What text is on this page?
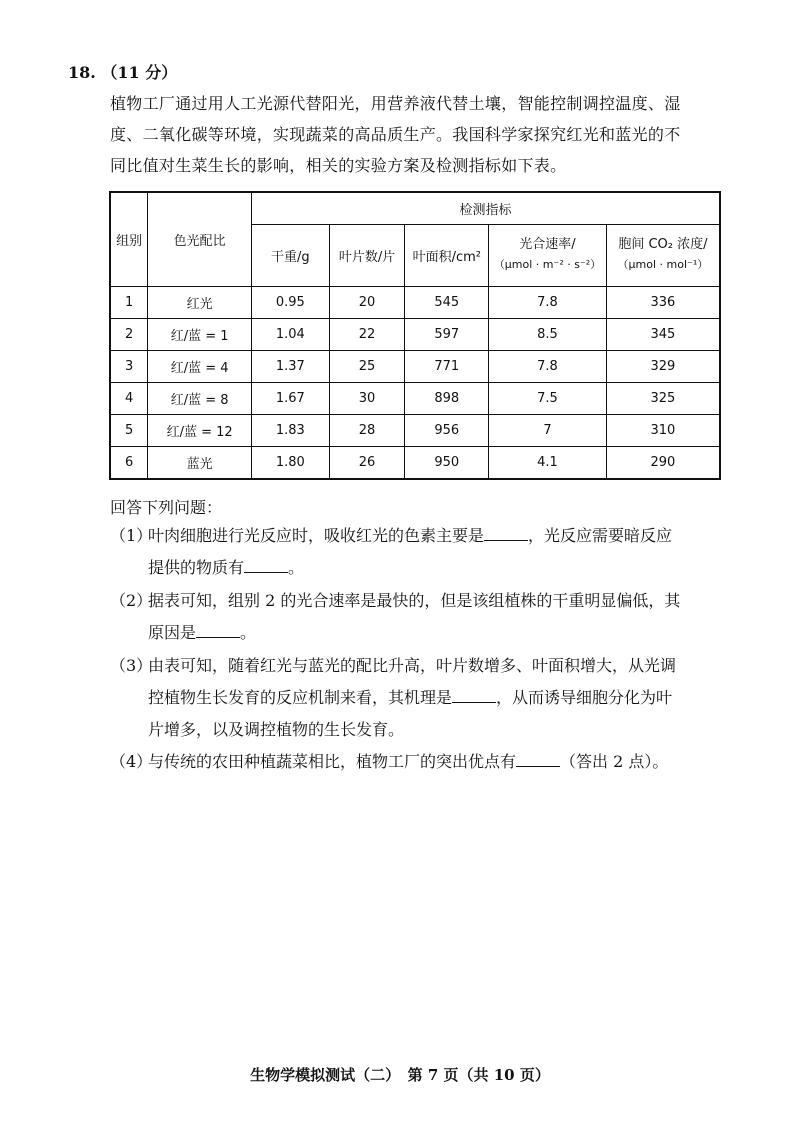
18. （11 分）
植物工厂通过用人工光源代替阳光，用营养液代替土壤，智能控制调控温度、湿
度、二氧化碳等环境，实现蔬菜的高品质生产。我国科学家探究红光和蓝光的不
同比值对生菜生长的影响，相关的实验方案及检测指标如下表。
组别	色光配比	检测指标				
		干重/g	叶片数/片	叶面积/cm²	光合速率/
（μmol · m⁻² · s⁻²）	胞间 CO₂ 浓度/
（μmol · mol⁻¹）

1	红光	0.95	20	545	7.8	336
2	红/蓝 = 1	1.04	22	597	8.5	345
3	红/蓝 = 4	1.37	25	771	7.8	329
4	红/蓝 = 8	1.67	30	898	7.5	325
5	红/蓝 = 12	1.83	28	956	7	310
6	蓝光	1.80	26	950	4.1	290
回答下列问题：
（1）
叶肉细胞进行光反应时，吸收红光的色素主要是	，光反应需要暗反应
提供的物质有	。
（2）
据表可知，组别 2 的光合速率是最快的，但是该组植株的干重明显偏低，其
原因是	。
（3）
由表可知，随着红光与蓝光的配比升高，叶片数增多、叶面积增大，从光调
控植物生长发育的反应机制来看，其机理是	，从而诱导细胞分化为叶
片增多，以及调控植物的生长发育。
（4）
与传统的农田种植蔬菜相比，植物工厂的突出优点有	（答出 2 点）。
生物学模拟测试（二）　第 7 页（共 10 页）
